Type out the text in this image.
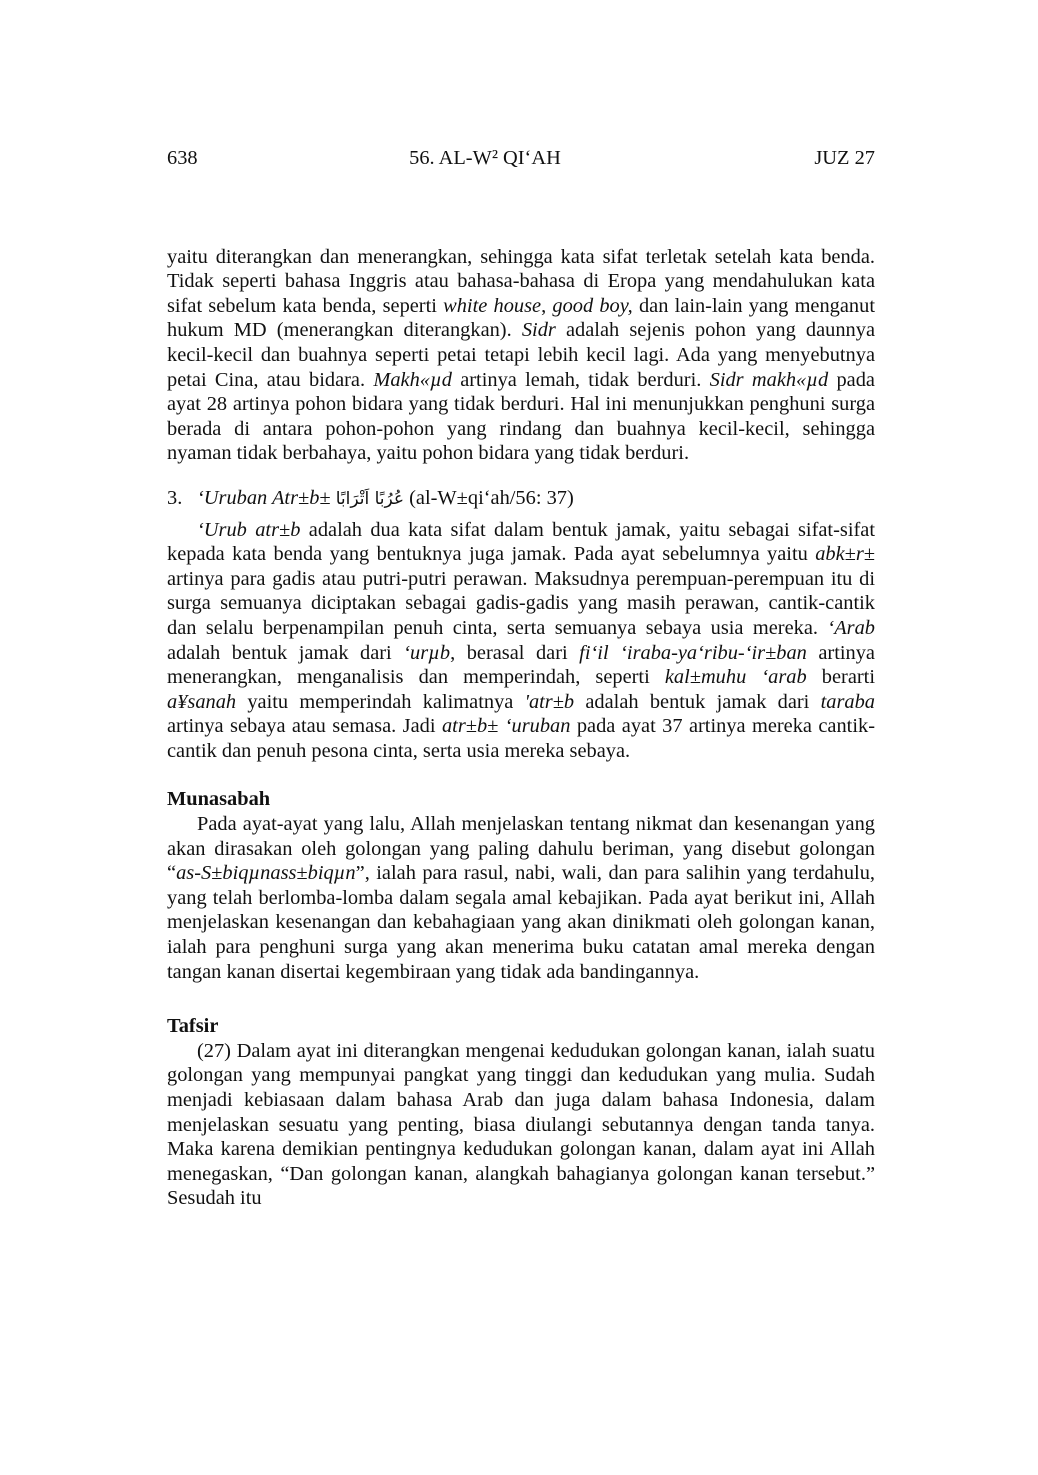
638	56. AL-W² QI‘AH	JUZ 27

yaitu diterangkan dan menerangkan, sehingga kata sifat terletak setelah kata benda. Tidak seperti bahasa Inggris atau bahasa-bahasa di Eropa yang mendahulukan kata sifat sebelum kata benda, seperti white house, good boy, dan lain-lain yang menganut hukum MD (menerangkan diterangkan). Sidr adalah sejenis pohon yang daunnya kecil-kecil dan buahnya seperti petai tetapi lebih kecil lagi. Ada yang menyebutnya petai Cina, atau bidara. Makh«µd artinya lemah, tidak berduri. Sidr makh«µd pada ayat 28 artinya pohon bidara yang tidak berduri. Hal ini menunjukkan penghuni surga berada di antara pohon-pohon yang rindang dan buahnya kecil-kecil, sehingga nyaman tidak berbahaya, yaitu pohon bidara yang tidak berduri.

3. ‘Uruban Atr±b± عُرُبًا اَتْرَابًا (al-W±qi‘ah/56: 37)

‘Urub atr±b adalah dua kata sifat dalam bentuk jamak, yaitu sebagai sifat-sifat kepada kata benda yang bentuknya juga jamak. Pada ayat sebelumnya yaitu abk±r± artinya para gadis atau putri-putri perawan. Maksudnya perempuan-perempuan itu di surga semuanya diciptakan sebagai gadis-gadis yang masih perawan, cantik-cantik dan selalu berpenampilan penuh cinta, serta semuanya sebaya usia mereka. ‘Arab adalah bentuk jamak dari ‘urµb, berasal dari fi‘il ‘iraba-ya‘ribu-‘ir±ban artinya menerangkan, menganalisis dan memperindah, seperti kal±muhu ‘arab berarti a¥sanah yaitu memperindah kalimatnya 'atr±b adalah bentuk jamak dari taraba artinya sebaya atau semasa. Jadi atr±b± ‘uruban pada ayat 37 artinya mereka cantik-cantik dan penuh pesona cinta, serta usia mereka sebaya.

Munasabah

Pada ayat-ayat yang lalu, Allah menjelaskan tentang nikmat dan kesenangan yang akan dirasakan oleh golongan yang paling dahulu beriman, yang disebut golongan “as-S±biqµnass±biqµn”, ialah para rasul, nabi, wali, dan para salihin yang terdahulu, yang telah berlomba-lomba dalam segala amal kebajikan. Pada ayat berikut ini, Allah menjelaskan kesenangan dan kebahagiaan yang akan dinikmati oleh golongan kanan, ialah para penghuni surga yang akan menerima buku catatan amal mereka dengan tangan kanan disertai kegembiraan yang tidak ada bandingannya.

Tafsir

(27) Dalam ayat ini diterangkan mengenai kedudukan golongan kanan, ialah suatu golongan yang mempunyai pangkat yang tinggi dan kedudukan yang mulia. Sudah menjadi kebiasaan dalam bahasa Arab dan juga dalam bahasa Indonesia, dalam menjelaskan sesuatu yang penting, biasa diulangi sebutannya dengan tanda tanya. Maka karena demikian pentingnya kedudukan golongan kanan, dalam ayat ini Allah menegaskan, “Dan golongan kanan, alangkah bahagianya golongan kanan tersebut.” Sesudah itu
